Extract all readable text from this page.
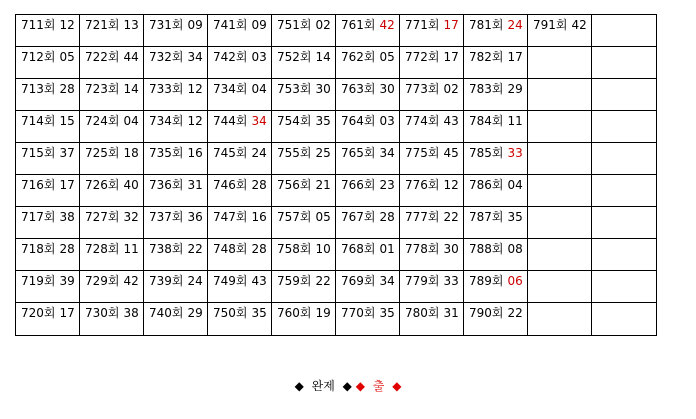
711회 12	721회 13	731회 09	741회 09	751회 02	761회 42	771회 17	781회 24	791회 42	
712회 05	722회 44	732회 34	742회 03	752회 14	762회 05	772회 17	782회 17		
713회 28	723회 14	733회 12	734회 04	753회 30	763회 30	773회 02	783회 29		
714회 15	724회 04	734회 12	744회 34	754회 35	764회 03	774회 43	784회 11		
715회 37	725회 18	735회 16	745회 24	755회 25	765회 34	775회 45	785회 33		
716회 17	726회 40	736회 31	746회 28	756회 21	766회 23	776회 12	786회 04		
717회 38	727회 32	737회 36	747회 16	757회 05	767회 28	777회 22	787회 35		
718회 28	728회 11	738회 22	748회 28	758회 10	768회 01	778회 30	788회 08		
719회 39	729회 42	739회 24	749회 43	759회 22	769회 34	779회 33	789회 06		
720회 17	730회 38	740회 29	750회 35	760회 19	770회 35	780회 31	790회 22		
◆ 완제 ◆ ◆ 출 ◆
